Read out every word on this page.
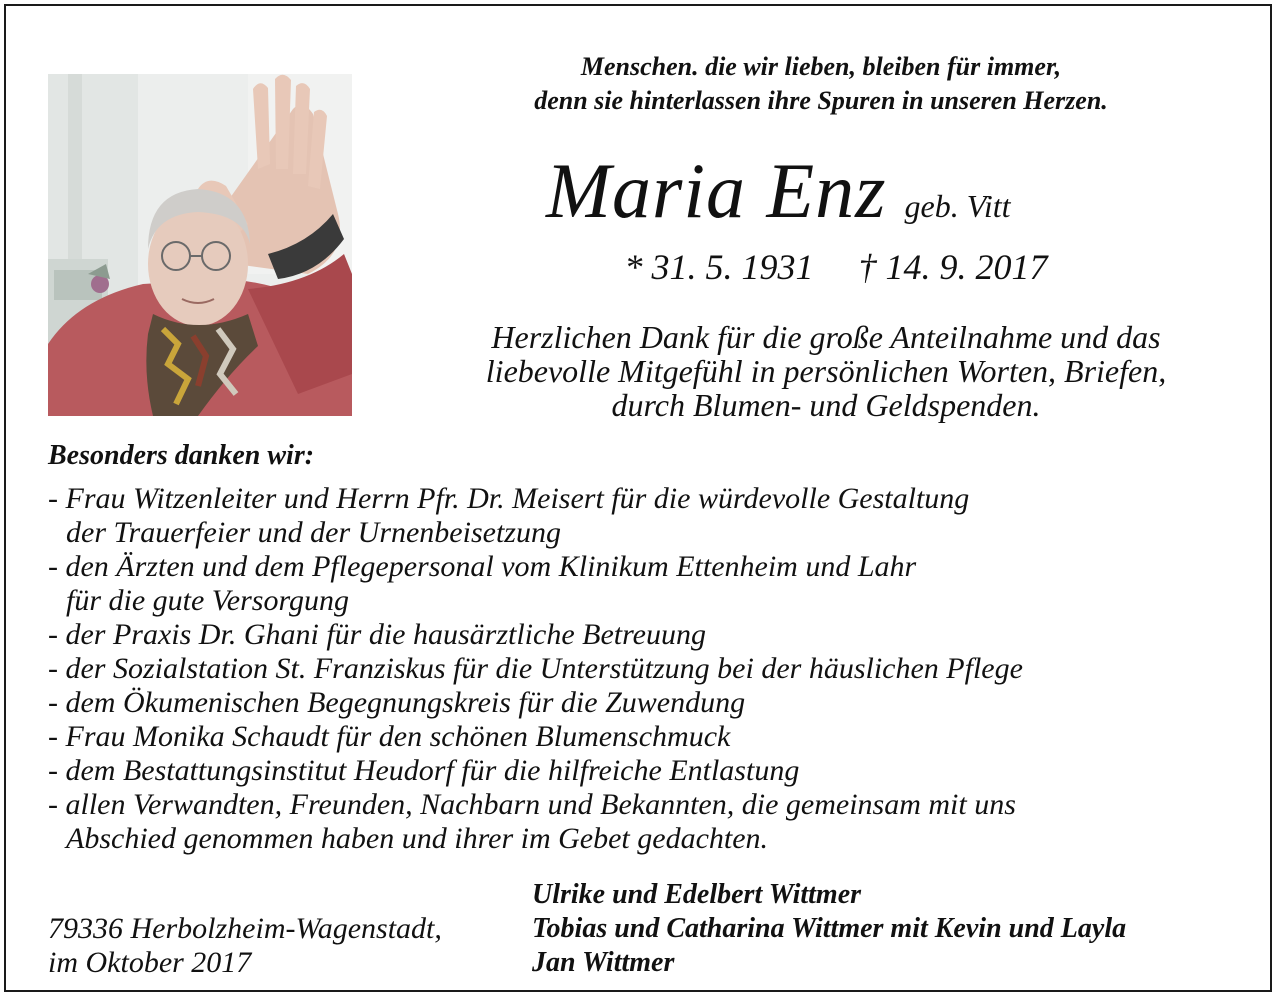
Menschen. die wir lieben, bleiben für immer,
denn sie hinterlassen ihre Spuren in unseren Herzen.
Maria Enz geb. Vitt
* 31. 5. 1931 † 14. 9. 2017
Herzlichen Dank für die große Anteilnahme und das
liebevolle Mitgefühl in persönlichen Worten, Briefen,
durch Blumen- und Geldspenden.
Besonders danken wir:
- Frau Witzenleiter und Herrn Pfr. Dr. Meisert für die würdevolle Gestaltung
der Trauerfeier und der Urnenbeisetzung
- den Ärzten und dem Pflegepersonal vom Klinikum Ettenheim und Lahr
für die gute Versorgung
- der Praxis Dr. Ghani für die hausärztliche Betreuung
- der Sozialstation St. Franziskus für die Unterstützung bei der häuslichen Pflege
- dem Ökumenischen Begegnungskreis für die Zuwendung
- Frau Monika Schaudt für den schönen Blumenschmuck
- dem Bestattungsinstitut Heudorf für die hilfreiche Entlastung
- allen Verwandten, Freunden, Nachbarn und Bekannten, die gemeinsam mit uns
Abschied genommen haben und ihrer im Gebet gedachten.
79336 Herbolzheim-Wagenstadt,
im Oktober 2017
Ulrike und Edelbert Wittmer
Tobias und Catharina Wittmer mit Kevin und Layla
Jan Wittmer
